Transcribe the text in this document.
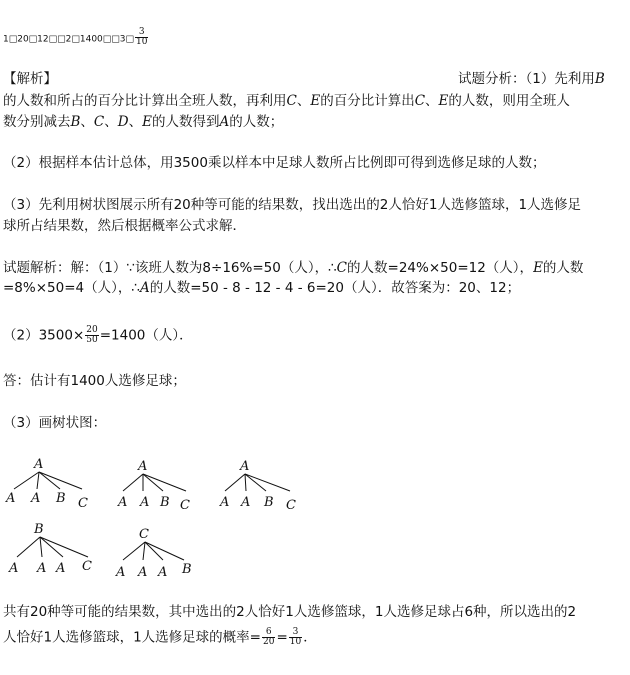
1□20□12□□2□1400□□3□ $\frac{3}{10}$
【解析】	试题分析：（1）先利用B
的人数和所占的百分比计算出全班人数，再利用C、E的百分比计算出C、E的人数，则用全班人
数分别减去B、C、D、E的人数得到A的人数；
（2）根据样本估计总体，用3500乘以样本中足球人数所占比例即可得到选修足球的人数；
（3）先利用树状图展示所有20种等可能的结果数，找出选出的2人恰好1人选修篮球，1人选修足
球所占结果数，然后根据概率公式求解．
试题解析：解：（1）∵该班人数为8÷16%=50（人），∴C的人数=24%×50=12（人），E的人数
=8%×50=4（人），∴A的人数=50 - 8 - 12 - 4 - 6=20（人）．故答案为：20、12；
$(2)3500\times \frac{20}{50} =1400$（人）．
答：估计有1400人选修足球；
（3）画树状图：
A
A A B C
A
A A B C
A
A A B C
B
A A A C
C
A A A B
共有20种等可能的结果数，其中选出的2人恰好1人选修篮球，1人选修足球占6种，所以选出的2
人恰好1人选修篮球，1人选修足球的概率= $\frac{6}{20} = \frac{3}{10}$ ．
